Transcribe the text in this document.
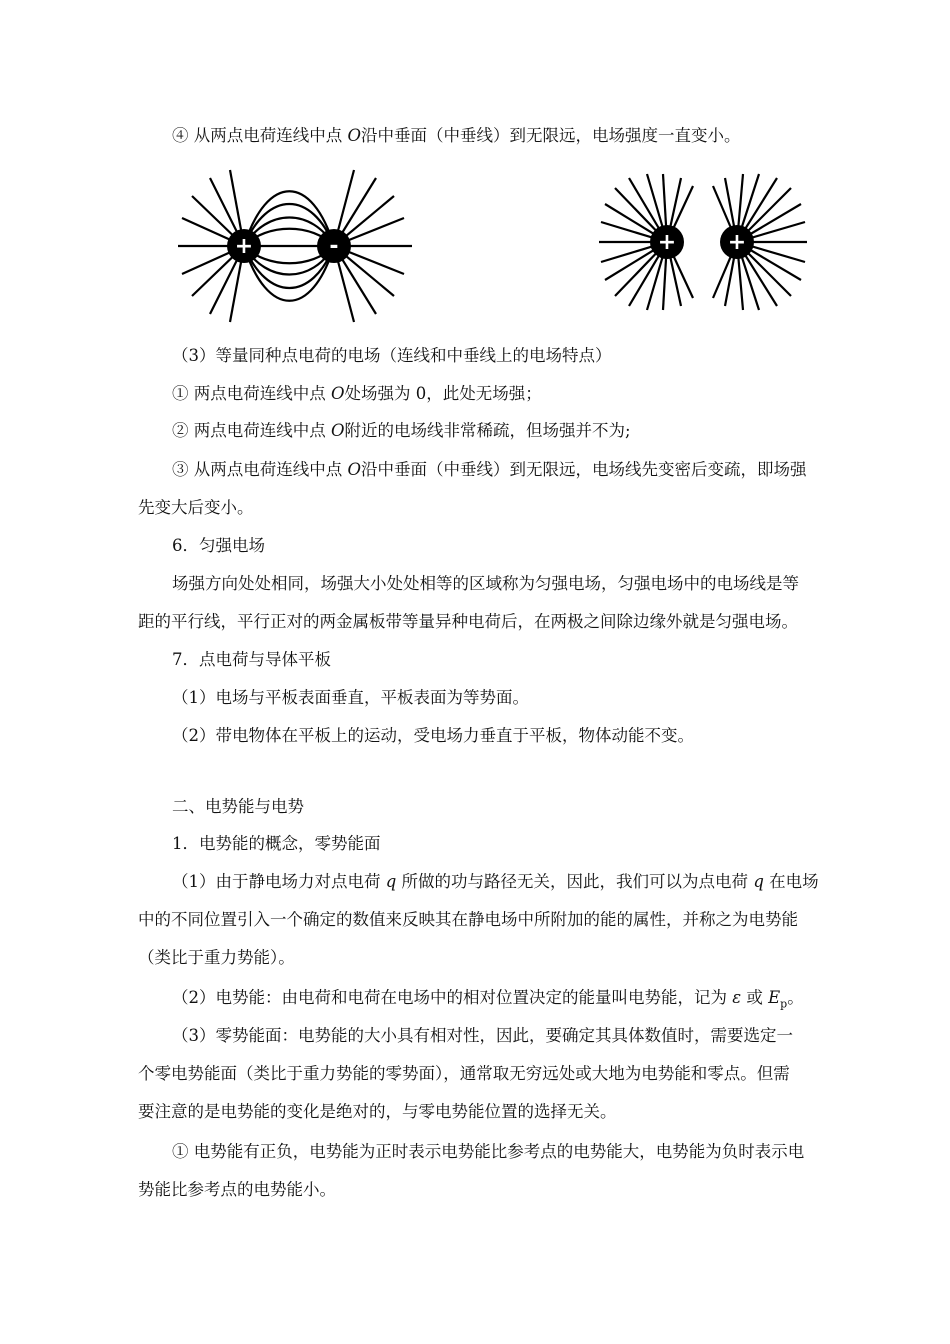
④ 从两点电荷连线中点 O沿中垂面（中垂线）到无限远，电场强度一直变小。
+	-	+ +
（3）等量同种点电荷的电场（连线和中垂线上的电场特点）
① 两点电荷连线中点 O处场强为 0，此处无场强；
② 两点电荷连线中点 O附近的电场线非常稀疏，但场强并不为;
③ 从两点电荷连线中点 O沿中垂面（中垂线）到无限远，电场线先变密后变疏，即场强
先变大后变小。
6．匀强电场
场强方向处处相同，场强大小处处相等的区域称为匀强电场，匀强电场中的电场线是等
距的平行线，平行正对的两金属板带等量异种电荷后，在两极之间除边缘外就是匀强电场。
7．点电荷与导体平板
（1）电场与平板表面垂直，平板表面为等势面。
（2）带电物体在平板上的运动，受电场力垂直于平板，物体动能不变。
二、电势能与电势
1．电势能的概念，零势能面
（1）由于静电场力对点电荷 q 所做的功与路径无关，因此，我们可以为点电荷 q 在电场
中的不同位置引入一个确定的数值来反映其在静电场中所附加的能的属性，并称之为电势能
（类比于重力势能）。
（2）电势能：由电荷和电荷在电场中的相对位置决定的能量叫电势能，记为 ε 或 $E_p$。
（3）零势能面：电势能的大小具有相对性，因此，要确定其具体数值时，需要选定一
个零电势能面（类比于重力势能的零势面），通常取无穷远处或大地为电势能和零点。但需
要注意的是电势能的变化是绝对的，与零电势能位置的选择无关。
① 电势能有正负，电势能为正时表示电势能比参考点的电势能大，电势能为负时表示电
势能比参考点的电势能小。
